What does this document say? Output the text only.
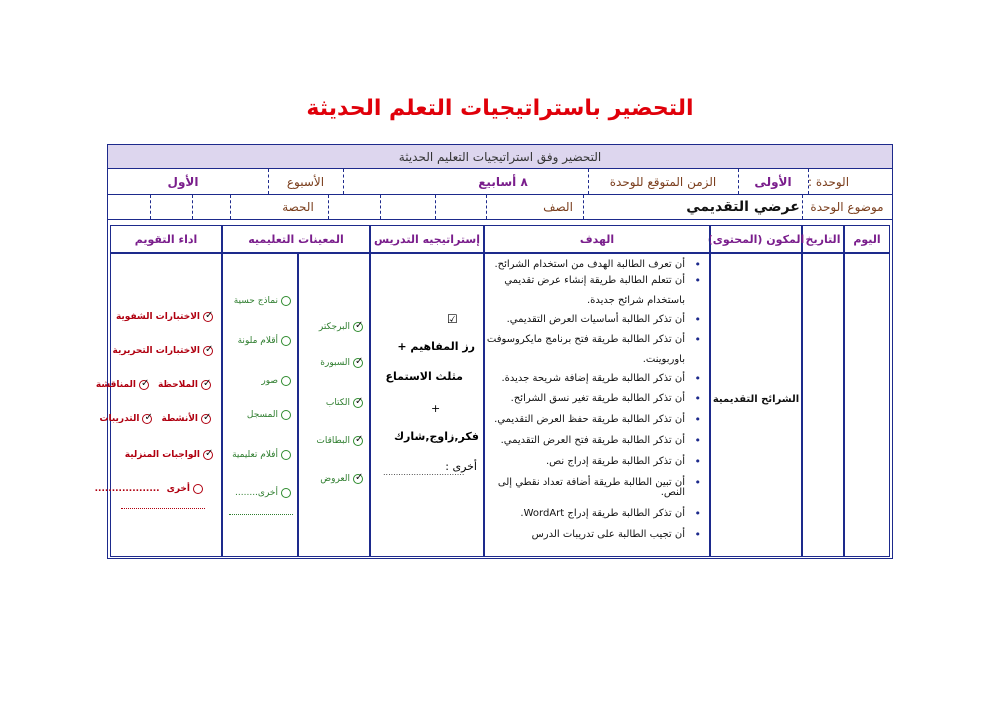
التحضير باستراتيجيات التعلم الحديثة
التحضير وفق استراتيجيات التعليم الحديثة
الوحدة :
الأولى
الزمن المتوقع للوحدة
٨ أسابيع
الأسبوع
الأول
موضوع الوحدة
عرضي التقديمي
الصف
الحصة
اليوم
التاريخ
المكون (المحتوى)
الهدف
إستراتيجيه التدريس
المعينات التعليميه
اداء التقويم
الشرائح التقديمية
• أن تعرف الطالبة الهدف من استخدام الشرائح.
• أن تتعلم الطالبة طريقة إنشاء عرض تقديمي باستخدام شرائح جديدة.
• أن تذكر الطالبة أساسيات العرض التقديمي.
• أن تذكر الطالبة طريقة فتح برنامج مايكروسوفت باوربوينت.
• أن تذكر الطالبة طريقة إضافة شريحة جديدة.
• أن تذكر الطالبة طريقة تغير نسق الشرائح.
• أن تذكر الطالبة طريقة حفظ العرض التقديمي.
• أن تذكر الطالبة طريقة فتح العرض التقديمي.
• أن تذكر الطالبة طريقة إدراج نص.
• أن تبين الطالبة طريقة أضافة تعداد نقطي إلى النص.
• أن تذكر الطالبة طريقة إدراج WordArt.
• أن تجيب الطالبة على تدريبات الدرس
☑
رز المفاهيم +
مثلث الاستماع
+
فكر,زاوج,شارك
أخرى :
................................
✓
البرجكتر
✓
السبورة
✓
الكتاب
✓
البطاقات
✓
العروض
نماذج حسية
أقلام ملونة
صور
المسجل
أفلام تعليمية
أخرى........
✓
الاختبارات الشفوية
✓
الاختبارات التحريرية
✓
الملاحظة
✓
المناقشة
✓
الأنشطة
✓
التدريبات
✓
الواجبات المنزلية
أخرى
...................
